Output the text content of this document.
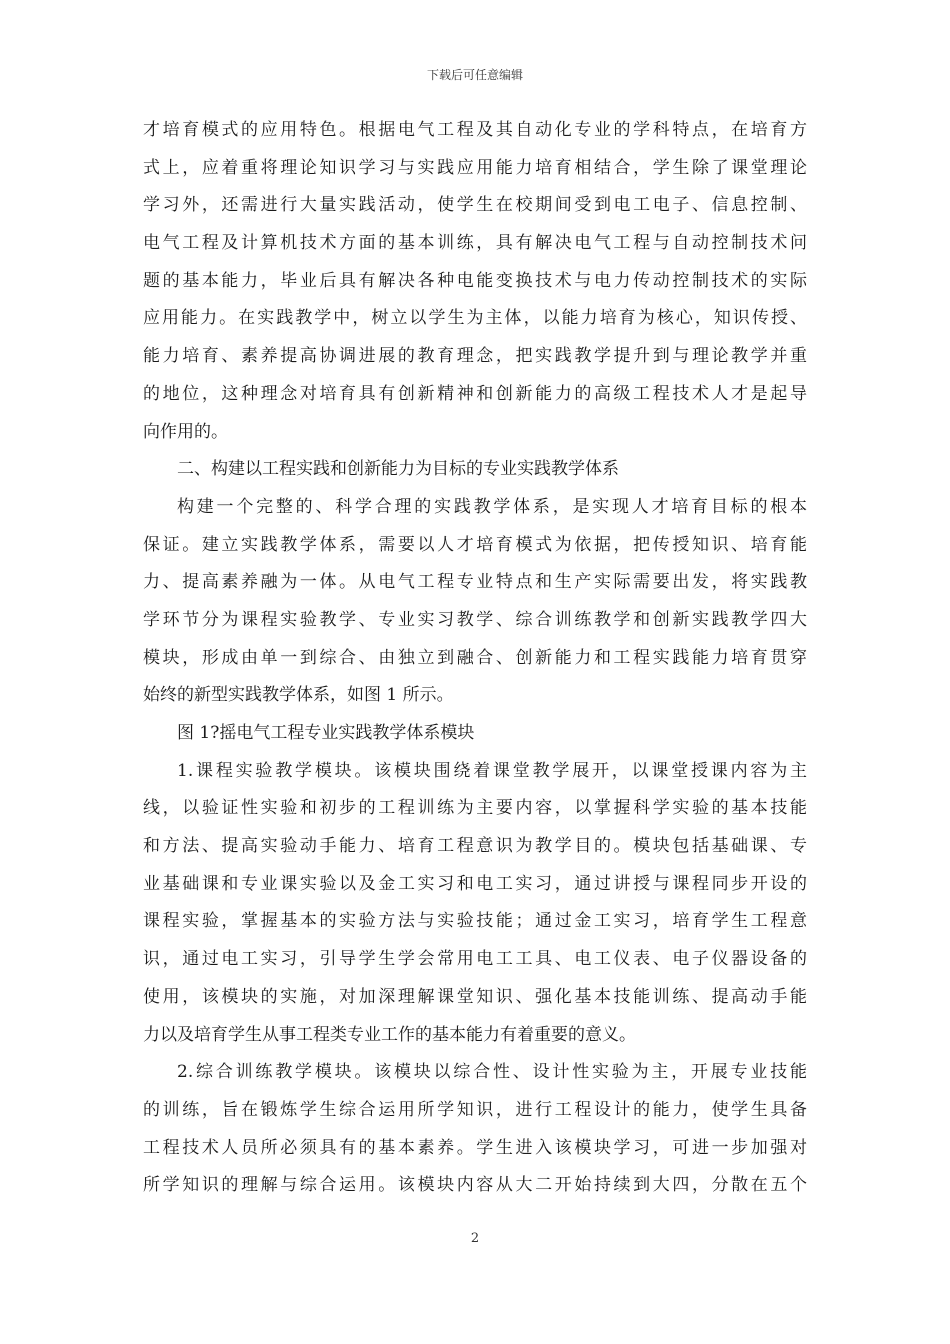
下载后可任意编辑
才培育模式的应用特色。根据电气工程及其自动化专业的学科特点，在培育方
式上，应着重将理论知识学习与实践应用能力培育相结合，学生除了课堂理论
学习外，还需进行大量实践活动，使学生在校期间受到电工电子、信息控制、
电气工程及计算机技术方面的基本训练，具有解决电气工程与自动控制技术问
题的基本能力，毕业后具有解决各种电能变换技术与电力传动控制技术的实际
应用能力。在实践教学中，树立以学生为主体，以能力培育为核心，知识传授、
能力培育、素养提高协调进展的教育理念，把实践教学提升到与理论教学并重
的地位，这种理念对培育具有创新精神和创新能力的高级工程技术人才是起导
向作用的。
二、构建以工程实践和创新能力为目标的专业实践教学体系
构建一个完整的、科学合理的实践教学体系，是实现人才培育目标的根本
保证。建立实践教学体系，需要以人才培育模式为依据，把传授知识、培育能
力、提高素养融为一体。从电气工程专业特点和生产实际需要出发，将实践教
学环节分为课程实验教学、专业实习教学、综合训练教学和创新实践教学四大
模块，形成由单一到综合、由独立到融合、创新能力和工程实践能力培育贯穿
始终的新型实践教学体系，如图 1 所示。
图 1?摇电气工程专业实践教学体系模块
1.课程实验教学模块。该模块围绕着课堂教学展开，以课堂授课内容为主
线，以验证性实验和初步的工程训练为主要内容，以掌握科学实验的基本技能
和方法、提高实验动手能力、培育工程意识为教学目的。模块包括基础课、专
业基础课和专业课实验以及金工实习和电工实习，通过讲授与课程同步开设的
课程实验，掌握基本的实验方法与实验技能；通过金工实习，培育学生工程意
识，通过电工实习，引导学生学会常用电工工具、电工仪表、电子仪器设备的
使用，该模块的实施，对加深理解课堂知识、强化基本技能训练、提高动手能
力以及培育学生从事工程类专业工作的基本能力有着重要的意义。
2.综合训练教学模块。该模块以综合性、设计性实验为主，开展专业技能
的训练，旨在锻炼学生综合运用所学知识，进行工程设计的能力，使学生具备
工程技术人员所必须具有的基本素养。学生进入该模块学习，可进一步加强对
所学知识的理解与综合运用。该模块内容从大二开始持续到大四，分散在五个
2
